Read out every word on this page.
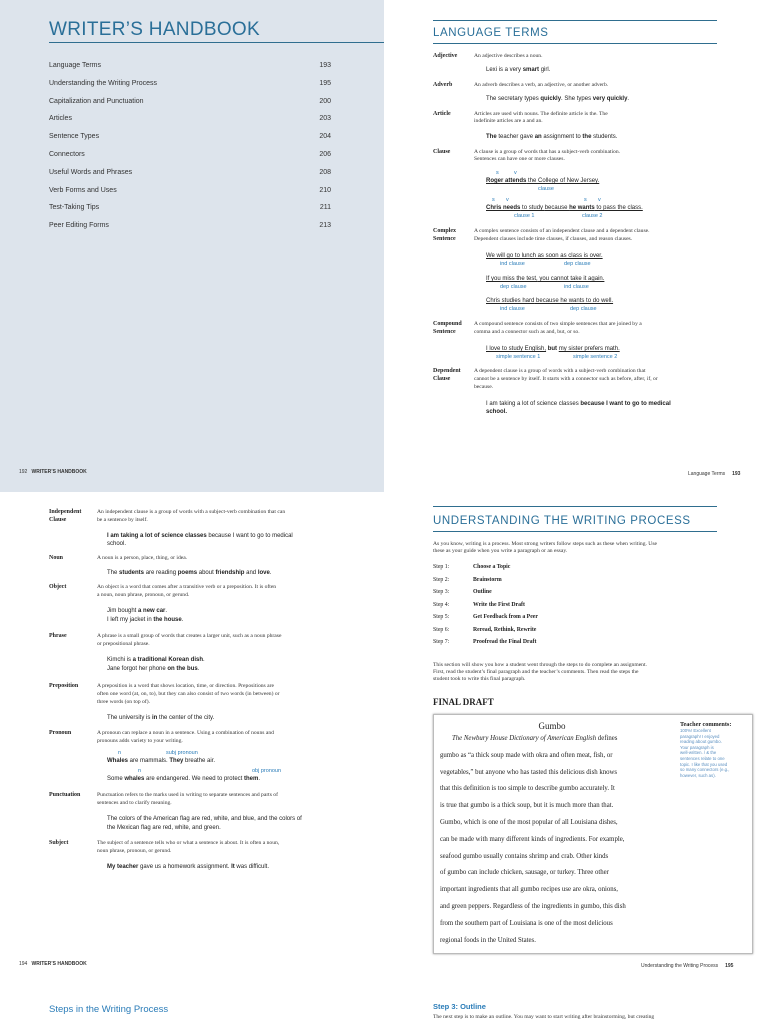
WRITER’S HANDBOOK
Language Terms	193
Understanding the Writing Process	195
Capitalization and Punctuation	200
Articles	203
Sentence Types	204
Connectors	206
Useful Words and Phrases	208
Verb Forms and Uses	210
Test-Taking Tips	211
Peer Editing Forms	213
192 WRITER’S HANDBOOK
LANGUAGE TERMS
Adjective	An adjective describes a noun.
Lexi is a very smart girl.
Adverb	An adverb describes a verb, an adjective, or another adverb.
The secretary types quickly. She types very quickly.
Article	Articles are used with nouns. The definite article is the. The
indefinite articles are a and an.
The teacher gave an assignment to the students.
Clause	A clause is a group of words that has a subject-verb combination.
Sentences can have one or more clauses.
s	v
Roger attends the College of New Jersey.
clause
s v	s v
Chris needs to study because he wants to pass the class.
clause 1	clause 2
Complex
Sentence
A complex sentence consists of an independent clause and a dependent clause.
Dependent clauses include time clauses, if clauses, and reason clauses.
We will go to lunch as soon as class is over.
ind clause	dep clause
If you miss the test, you cannot take it again.
dep clause	ind clause
Chris studies hard because he wants to do well.
ind clause	dep clause
Compound
Sentence
A compound sentence consists of two simple sentences that are joined by a
comma and a connector such as and, but, or so.
I love to study English, but my sister prefers math.
simple sentence 1	simple sentence 2
Dependent
Clause
A dependent clause is a group of words with a subject-verb combination that
cannot be a sentence by itself. It starts with a connector such as before, after, if, or
because.
I am taking a lot of science classes because I want to go to medical
school.
Language Terms 193
Independent
Clause
An independent clause is a group of words with a subject-verb combination that can
be a sentence by itself.
I am taking a lot of science classes because I want to go to medical
school.
Noun	A noun is a person, place, thing, or idea.
The students are reading poems about friendship and love.
Object	An object is a word that comes after a transitive verb or a preposition. It is often
a noun, noun phrase, pronoun, or gerund.
Jim bought a new car.
I left my jacket in the house.
Phrase	A phrase is a small group of words that creates a larger unit, such as a noun phrase
or prepositional phrase.
Kimchi is a traditional Korean dish.
Jane forgot her phone on the bus.
Preposition	A preposition is a word that shows location, time, or direction. Prepositions are
often one word (at, on, to), but they can also consist of two words (in between) or
three words (on top of).
The university is in the center of the city.
Pronoun	A pronoun can replace a noun in a sentence. Using a combination of nouns and
pronouns adds variety to your writing.
n	subj pronoun
Whales are mammals. They breathe air.
n	obj pronoun
Some whales are endangered. We need to protect them.
Punctuation	Punctuation refers to the marks used in writing to separate sentences and parts of
sentences and to clarify meaning.
The colors of the American flag are red, white, and blue, and the colors of
the Mexican flag are red, white, and green.
Subject	The subject of a sentence tells who or what a sentence is about. It is often a noun,
noun phrase, pronoun, or gerund.
My teacher gave us a homework assignment. It was difficult.
194 WRITER’S HANDBOOK
UNDERSTANDING THE WRITING PROCESS
As you know, writing is a process. Most strong writers follow steps such as these when writing. Use
these as your guide when you write a paragraph or an essay.
Step 1:	Choose a Topic
Step 2:	Brainstorm
Step 3:	Outline
Step 4:	Write the First Draft
Step 5:	Get Feedback from a Peer
Step 6:	Reread, Rethink, Rewrite
Step 7:	Proofread the Final Draft
This section will show you how a student went through the steps to do complete an assignment.
First, read the student’s final paragraph and the teacher’s comments. Then read the steps the
student took to write this final paragraph.
FINAL DRAFT
Gumbo
The Newbury House Dictionary of American English defines
gumbo as “a thick soup made with okra and often meat, fish, or
vegetables,” but anyone who has tasted this delicious dish knows
that this definition is too simple to describe gumbo accurately. It
is true that gumbo is a thick soup, but it is much more than that.
Gumbo, which is one of the most popular of all Louisiana dishes,
can be made with many different kinds of ingredients. For example,
seafood gumbo usually contains shrimp and crab. Other kinds
of gumbo can include chicken, sausage, or turkey. Three other
important ingredients that all gumbo recipes use are okra, onions,
and green peppers. Regardless of the ingredients in gumbo, this dish
from the southern part of Louisiana is one of the most delicious
regional foods in the United States.
Teacher comments:
100%! Excellent
paragraph! I enjoyed
reading about gumbo.
Your paragraph is
well-written. / & the
sentences relate to one
topic. I like that you used
so many connectors (e.g.,
however, such as).
Understanding the Writing Process 195
Steps in the Writing Process	Step 3: Outline
The next step is to make an outline. You may want to start writing after brainstorming, but creating
